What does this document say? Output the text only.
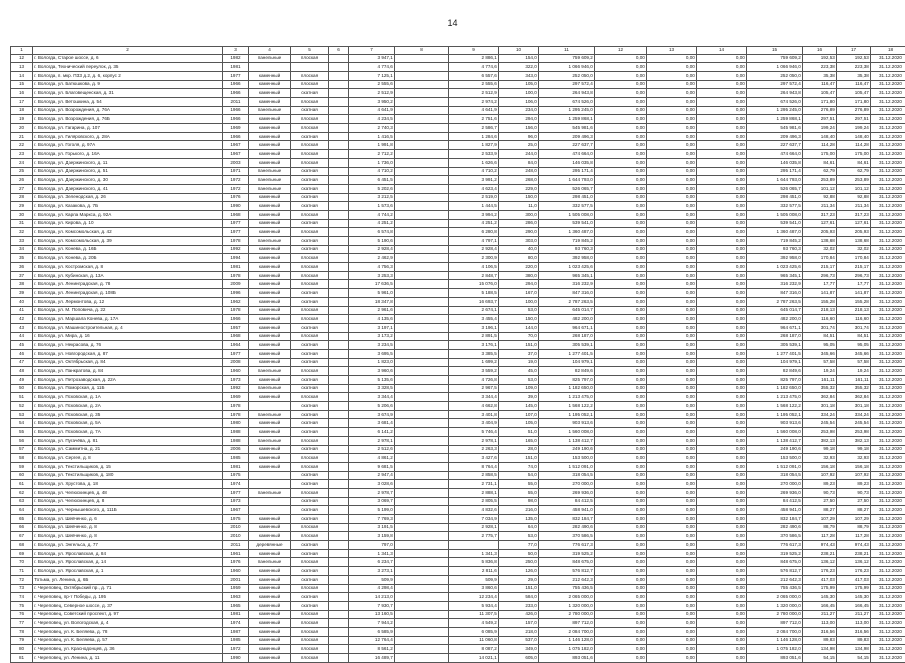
14
1	2	3	4	5	6	7	8	9	10	11	12	13	14	15	16	17	18
12	г. Вологда, Старое шоссе, д. 6	1982	панельные	плоская		3 947,1		2 886,1	154,0	759 609,2	0,00	0,00	0,00	759 609,2	192,53	192,53	31.12.2020
13	г. Вологда, Технический переулок, д. 35	1981				4 774,6		4 774,6	322,0	1 066 946,0	0,00	0,00	0,00	1 066 946,0	223,38	223,38	31.12.2020
14	г. Вологда, п. мкр. ПЗЗ д.2, д. 6, корпус 2	1977	каменный	плоская		7 125,1		6 557,6	343,0	252 050,0	0,00	0,00	0,00	252 050,0	35,38	35,38	31.12.2020
15	г. Вологда, ул. Батюшкова, д. 9	1966	каменный	плоская		2 555,6		2 555,6	105,0	297 572,4	0,00	0,00	0,00	297 572,4	116,47	116,47	31.12.2020
16	г. Вологда, ул. Благовещенская, д. 31	1966	каменный	скатная		2 512,9		2 512,9	100,0	264 943,8	0,00	0,00	0,00	264 943,8	105,47	105,47	31.12.2020
17	г. Вологда, ул. Ветошкина, д. 54	2011	каменный	плоская		3 950,2		2 974,2	106,0	674 526,0	0,00	0,00	0,00	674 526,0	171,80	171,80	31.12.2020
18	г. Вологда, ул. Возрождения, д. 76А	1966	панельные	скатная		4 641,9		4 641,9	234,0	1 295 245,0	0,00	0,00	0,00	1 295 245,0	276,89	276,89	31.12.2020
19	г. Вологда, ул. Возрождения, д. 76Б	1966	каменный	плоская		4 234,5		2 751,6	294,0	1 259 868,1	0,00	0,00	0,00	1 259 868,1	297,51	297,51	31.12.2020
20	г. Вологда, ул. Гагарина, д. 107	1969	каменный	плоская		2 740,3		2 586,7	156,0	545 981,6	0,00	0,00	0,00	545 981,6	199,24	199,24	31.12.2020
21	г. Вологда, ул. Гиляровского, д. 28А	1966	каменный	скатная		1 416,5		1 284,6	96,0	209 496,3	0,00	0,00	0,00	209 496,3	148,40	148,40	31.12.2020
22	г. Вологда, ул. Гоголя, д. 97А	1967	каменный	плоская		1 991,8		1 827,9	25,0	227 637,7	0,00	0,00	0,00	227 637,7	114,28	114,28	31.12.2020
23	г. Вологда, ул. Горького, д. 16А	1967	каменный	плоская		2 712,2		2 533,9	244,0	474 664,0	0,00	0,00	0,00	474 664,0	175,00	175,00	31.12.2020
24	г. Вологда, ул. Дзержинского, д. 11	2003	каменный	плоская		1 736,0		1 626,6	84,0	146 035,8	0,00	0,00	0,00	146 035,8	84,61	84,61	31.12.2020
25	г. Вологда, ул. Дзержинского, д. 51	1971	панельные	скатная		4 710,2		4 710,2	248,0	295 171,4	0,00	0,00	0,00	295 171,4	62,79	62,79	31.12.2020
26	г. Вологда, ул. Дзержинского, д. 30	1972	панельные	скатная		6 451,5		3 991,2	268,0	1 644 793,0	0,00	0,00	0,00	1 644 793,0	253,89	253,89	31.12.2020
27	г. Вологда, ул. Дзержинского, д. 41	1972	панельные	скатная		5 202,6		4 623,4	229,0	526 065,7	0,00	0,00	0,00	526 065,7	101,12	101,12	31.12.2020
28	г. Вологда, ул. Зеленодская, д. 26	1976	каменный	скатная		3 212,5		2 519,0	150,0	298 451,0	0,00	0,00	0,00	298 451,0	92,88	92,88	31.12.2020
29	г. Вологда, ул. Казакова, д. 7Б	1990	каменный	скатная		1 573,6		1 444,5	11,0	332 577,5	0,00	0,00	0,00	332 577,5	211,34	211,34	31.12.2020
30	г. Вологда, ул. Карла Маркса, д. 92А	1968	каменный	плоская		4 744,2		3 994,2	300,0	1 505 008,0	0,00	0,00	0,00	1 505 008,0	317,23	317,23	31.12.2020
31	г. Вологда, ул. Кирова, д. 10	1977	каменный	скатная		4 251,2		4 251,2	286,0	539 541,0	0,00	0,00	0,00	539 541,0	127,61	127,61	31.12.2020
32	г. Вологда, ул. Комсомольская, д. 42	1977	каменный	плоская		6 574,8		6 280,8	290,0	1 360 487,0	0,00	0,00	0,00	1 360 487,0	205,93	205,93	31.12.2020
33	г. Вологда, ул. Комсомольская, д. 39	1978	панельные	скатная		5 190,6		4 797,1	303,0	719 845,2	0,00	0,00	0,00	719 845,2	138,68	138,68	31.12.2020
34	г. Вологда, ул. Конева, д. 16Б	1992	каменный	скатная		2 928,4		2 928,4	40,0	93 760,3	0,00	0,00	0,00	93 760,3	32,02	32,02	31.12.2020
35	г. Вологда, ул. Конева, д. 20Б	1994	каменный	плоская		2 462,9		2 300,9	80,0	392 958,0	0,00	0,00	0,00	392 958,0	170,84	170,84	31.12.2020
36	г. Вологда, ул. Костромская, д. 8	1981	каменный	плоская		4 756,3		4 106,5	220,0	1 023 425,6	0,00	0,00	0,00	1 023 425,6	215,17	215,17	31.12.2020
37	г. Вологда, ул. Кубинская, д. 13А	1978	каменный	плоская		3 253,3		2 848,7	380,0	965 345,1	0,00	0,00	0,00	965 345,1	296,73	296,73	31.12.2020
38	г. Вологда, ул. Ленинградская, д. 78	2009	каменный	плоская		17 636,5		15 076,0	294,0	316 232,9	0,00	0,00	0,00	316 232,9	17,77	17,77	31.12.2020
39	г. Вологда, ул. Ленинградская, д. 108Б	1996	каменный	скатная		5 961,0		5 188,5	167,0	847 316,0	0,00	0,00	0,00	847 316,0	141,87	141,87	31.12.2020
40	г. Вологда, ул. Лермонтова, д. 12	1962	каменный	скатная		18 347,8		16 693,7	100,0	2 787 263,5	0,00	0,00	0,00	2 787 263,5	155,28	155,28	31.12.2020
41	г. Вологда, ул. М. Поповича, д. 22	1978	каменный	плоская		2 961,6		2 674,1	53,0	645 014,7	0,00	0,00	0,00	645 014,7	218,13	218,13	31.12.2020
42	г. Вологда, ул. Маршала Конева, д. 17А	1966	каменный	плоская		4 135,6		3 455,4	150,0	482 200,0	0,00	0,00	0,00	482 200,0	116,60	116,60	31.12.2020
43	г. Вологда, ул. Машиностроительная, д. 4	1957	каменный	скатная		3 197,1		3 196,1	144,0	964 671,1	0,00	0,00	0,00	964 671,1	301,74	301,74	31.12.2020
44	г. Вологда, ул. Мира, д. 16	1968	каменный	плоская		3 173,2		2 891,5	70,0	268 187,0	0,00	0,00	0,00	268 187,0	84,51	84,51	31.12.2020
45	г. Вологда, ул. Некрасова, д. 76	1964	каменный	скатная		3 234,5		3 176,1	151,0	305 539,1	0,00	0,00	0,00	305 539,1	95,05	95,05	31.12.2020
46	г. Вологда, ул. Новгородская, д. 87	1977	каменный	скатная		3 695,5		3 385,5	37,0	1 277 401,5	0,00	0,00	0,00	1 277 401,5	345,66	345,66	31.12.2020
47	г. Вологда, ул. Октябрьская, д. 84	2008	каменный	скатная		1 823,0		1 699,2	19,0	104 979,1	0,00	0,00	0,00	104 979,1	57,58	57,58	31.12.2020
48	г. Вологда, ул. Панкратова, д. 84	1960	панельные	плоская		3 960,6		3 559,2	45,0	82 849,6	0,00	0,00	0,00	82 849,6	19,24	19,24	31.12.2020
49	г. Вологда, ул. Петрозаводская, д. 22А	1973	каменный	скатная		5 135,6		4 726,8	53,0	825 797,0	0,00	0,00	0,00	825 797,0	161,11	161,11	31.12.2020
50	г. Вологда, ул. Поморская, д. 11Б	1992	панельные	скатная		3 328,5		2 967,5	109,0	1 182 650,0	0,00	0,00	0,00	1 182 650,0	355,32	355,32	31.12.2020
51	г. Вологда, ул. Псковская, д. 1А	1969	каменный	плоская		3 344,4		3 344,4	39,0	1 213 475,0	0,00	0,00	0,00	1 213 475,0	362,84	362,84	31.12.2020
52	г. Вологда, ул. Псковская, д. 2А	1978		скатная		5 206,6		4 662,8	145,0	1 568 122,2	0,00	0,00	0,00	1 568 122,2	301,18	301,18	31.12.2020
53	г. Вологда, ул. Псковская, д. 35	1978	панельные	скатная		3 674,9		3 401,8	107,0	1 195 052,1	0,00	0,00	0,00	1 195 052,1	334,24	334,24	31.12.2020
54	г. Вологда, ул. Псковская, д. 5А	1980	каменный	скатная		3 681,4		3 404,9	105,0	903 913,6	0,00	0,00	0,00	903 913,6	245,54	245,54	31.12.2020
55	г. Вологда, ул. Псковская, д. 7А	1988	каменный	скатная		6 141,2		5 746,4	51,0	1 560 008,0	0,00	0,00	0,00	1 560 008,0	253,98	253,98	31.12.2020
56	г. Вологда, ул. Пугачёва, д. 81	1988	панельные	плоская		2 978,1		2 978,1	165,0	1 138 412,7	0,00	0,00	0,00	1 138 412,7	382,13	382,13	31.12.2020
57	г. Вологда, ул. Саммитна, д. 21	2006	каменный	скатная		2 512,6		2 263,3	28,0	249 190,6	0,00	0,00	0,00	249 190,6	99,18	99,18	31.12.2020
58	г. Вологда, ул. Сергея, д. 8	1985	каменный	плоская		4 861,2		3 427,6	151,0	153 500,0	0,00	0,00	0,00	153 500,0	32,93	32,93	31.12.2020
59	г. Вологда, ул. Текстильщиков, д. 15	1981	каменный	плоская		9 681,5		8 764,4	74,0	1 512 091,0	0,00	0,00	0,00	1 512 091,0	156,18	156,18	31.12.2020
60	г. Вологда, ул. Текстильщиков, д. 180	1975		скатная		2 947,4		2 858,5	54,0	318 054,5	0,00	0,00	0,00	318 054,5	107,92	107,92	31.12.2020
61	г. Вологда, ул. Хрустова, д. 18	1974		скатная		3 028,6		2 731,1	55,0	270 000,0	0,00	0,00	0,00	270 000,0	89,23	89,23	31.12.2020
62	г. Вологда, ул. Челюскинцев, д. 48	1977	панельные	плоская		2 978,7		2 888,1	55,0	269 936,0	0,00	0,00	0,00	269 936,0	90,73	90,73	31.12.2020
63	г. Вологда, ул. Челюскинцев, д. 8	1973		скатная		3 069,7		2 805,5	98,0	84 412,5	0,00	0,00	0,00	84 412,5	27,50	27,50	31.12.2020
64	г. Вологда, ул. Чернышевского, д. 111Б	1967		скатная		5 199,0		4 832,6	216,0	458 941,0	0,00	0,00	0,00	458 941,0	88,27	88,27	31.12.2020
65	г. Вологда, ул. Шевченко, д. 6	1975	каменный	скатная		7 769,3		7 034,9	135,0	832 184,7	0,00	0,00	0,00	832 184,7	107,29	107,29	31.12.2020
66	г. Вологда, ул. Шевченко, д. 8	2010	каменный	плоская		3 191,5		2 928,1	64,0	282 490,6	0,00	0,00	0,00	282 490,6	88,79	88,79	31.12.2020
67	г. Вологда, ул. Шевченко, д. 8	2010	каменный	плоская		3 159,8		2 775,7	53,0	370 586,5	0,00	0,00	0,00	370 586,5	117,28	117,28	31.12.2020
68	г. Вологда, ул. Энгельса, д. 77	2011	деревянные	скатная		797,0			77,0	776 617,3	0,00	0,00	0,00	776 617,3	974,43	974,43	31.12.2020
69	г. Вологда, ул. Ярославская, д. 84	1961	каменный	скатная		1 341,3		1 341,3	50,0	319 525,2	0,00	0,00	0,00	319 525,2	238,21	238,21	31.12.2020
70	г. Вологда, ул. Ярославская, д. 14	1976	панельные	плоская		6 234,7		5 836,8	250,0	848 675,0	0,00	0,00	0,00	848 675,0	136,12	136,12	31.12.2020
71	г. Вологда, ул. Ярославская, д. 1	1960	каменный	скатная		3 273,1		2 811,6	126,0	576 812,7	0,00	0,00	0,00	576 812,7	176,23	176,23	31.12.2020
72	Тотьма, ул. Ленина, д. 6Б	2001	каменный	скатная		509,9		509,9	29,0	212 642,3	0,00	0,00	0,00	212 642,3	417,03	417,03	31.12.2020
73	г. Череповец, Октябрьский пр., д. 71	1959	каменный	плоская		4 298,4		3 860,6	151,0	755 436,5	0,00	0,00	0,00	755 436,5	175,99	175,99	31.12.2020
74	г. Череповец, пр-т Победы, д. 195	1963	каменный	скатная		14 213,0		12 234,4	584,0	2 065 000,0	0,00	0,00	0,00	2 065 000,0	145,30	145,30	31.12.2020
75	г. Череповец, Северное шоссе, д. 37	1965	каменный	скатная		7 930,7		5 934,4	233,0	1 320 000,0	0,00	0,00	0,00	1 320 000,0	166,45	166,45	31.12.2020
76	г. Череповец, Советский проспект, д. 97	1981	каменный	плоская		13 160,5		11 307,5	426,0	2 780 000,0	0,00	0,00	0,00	2 780 000,0	211,27	211,27	31.12.2020
77	г. Череповец, ул. Вологодская, д. 4	1974	каменный	плоская		7 944,2		4 549,2	157,0	897 712,0	0,00	0,00	0,00	897 712,0	113,00	113,00	31.12.2020
78	г. Череповец, ул. К. Беляева, д. 78	1987	каменный	плоская		6 585,9		6 085,9	218,0	2 084 700,0	0,00	0,00	0,00	2 084 700,0	316,56	316,56	31.12.2020
79	г. Череповец, ул. К. Беляева, д. 57	1985	каменный	плоская		12 764,4		11 060,8	537,0	1 146 128,0	0,00	0,00	0,00	1 146 128,0	89,83	89,83	31.12.2020
80	г. Череповец, ул. Краснодонцев, д. 36	1972	каменный	плоская		8 561,2		8 087,2	349,0	1 075 182,0	0,00	0,00	0,00	1 075 182,0	134,98	134,98	31.12.2020
81	г. Череповец, ул. Ленина, д. 11	1990	каменный	плоская		16 489,7		14 021,1	605,0	893 051,6	0,00	0,00	0,00	893 051,6	54,15	54,15	31.12.2020
